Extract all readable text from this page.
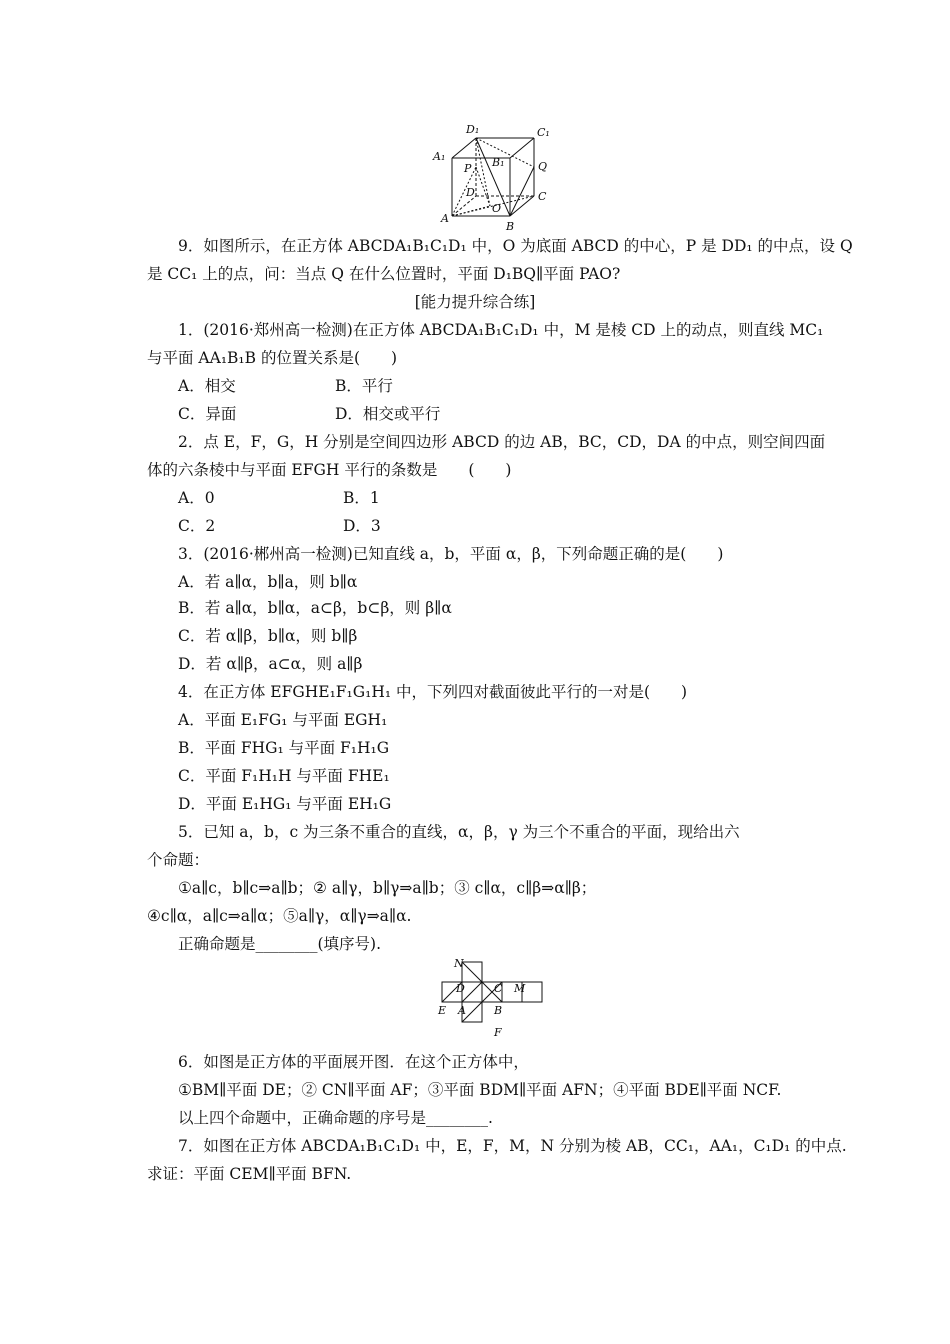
D₁	C₁
A₁	B₁
P	Q
C
D
O
A
B
9．如图所示，在正方体 ABCDA₁B₁C₁D₁ 中，O 为底面 ABCD 的中心，P 是 DD₁ 的中点，设 Q
是 CC₁ 上的点，问：当点 Q 在什么位置时，平面 D₁BQ∥平面 PAO?
[能力提升综合练]
1．(2016·郑州高一检测)在正方体 ABCDA₁B₁C₁D₁ 中，M 是棱 CD 上的动点，则直线 MC₁
与平面 AA₁B₁B 的位置关系是(　　)
A．相交	B．平行
C．异面	D．相交或平行
2．点 E，F，G，H 分别是空间四边形 ABCD 的边 AB，BC，CD，DA 的中点，则空间四面
体的六条棱中与平面 EFGH 平行的条数是　　(　　)
A．0	B．1
C．2	D．3
3．(2016·郴州高一检测)已知直线 a，b，平面 α，β，下列命题正确的是(　　)
A．若 a∥α，b∥a，则 b∥α
B．若 a∥α，b∥α，a⊂β，b⊂β，则 β∥α
C．若 α∥β，b∥α，则 b∥β
D．若 α∥β，a⊂α，则 a∥β
4．在正方体 EFGHE₁F₁G₁H₁ 中，下列四对截面彼此平行的一对是(　　)
A．平面 E₁FG₁ 与平面 EGH₁
B．平面 FHG₁ 与平面 F₁H₁G
C．平面 F₁H₁H 与平面 FHE₁
D．平面 E₁HG₁ 与平面 EH₁G
5．已知 a，b，c 为三条不重合的直线，α，β，γ 为三个不重合的平面，现给出六
个命题：
①a∥c，b∥c⇒a∥b；② a∥γ，b∥γ⇒a∥b；③ c∥α，c∥β⇒α∥β；
④c∥α，a∥c⇒a∥α；⑤a∥γ，α∥γ⇒a∥α.
正确命题是________(填序号).
N
D	C M
E A	B
F
6．如图是正方体的平面展开图．在这个正方体中，
①BM∥平面 DE；② CN∥平面 AF；③平面 BDM∥平面 AFN；④平面 BDE∥平面 NCF.
以上四个命题中，正确命题的序号是________.
7．如图在正方体 ABCDA₁B₁C₁D₁ 中，E，F，M，N 分别为棱 AB，CC₁，AA₁，C₁D₁ 的中点.
求证：平面 CEM∥平面 BFN.
